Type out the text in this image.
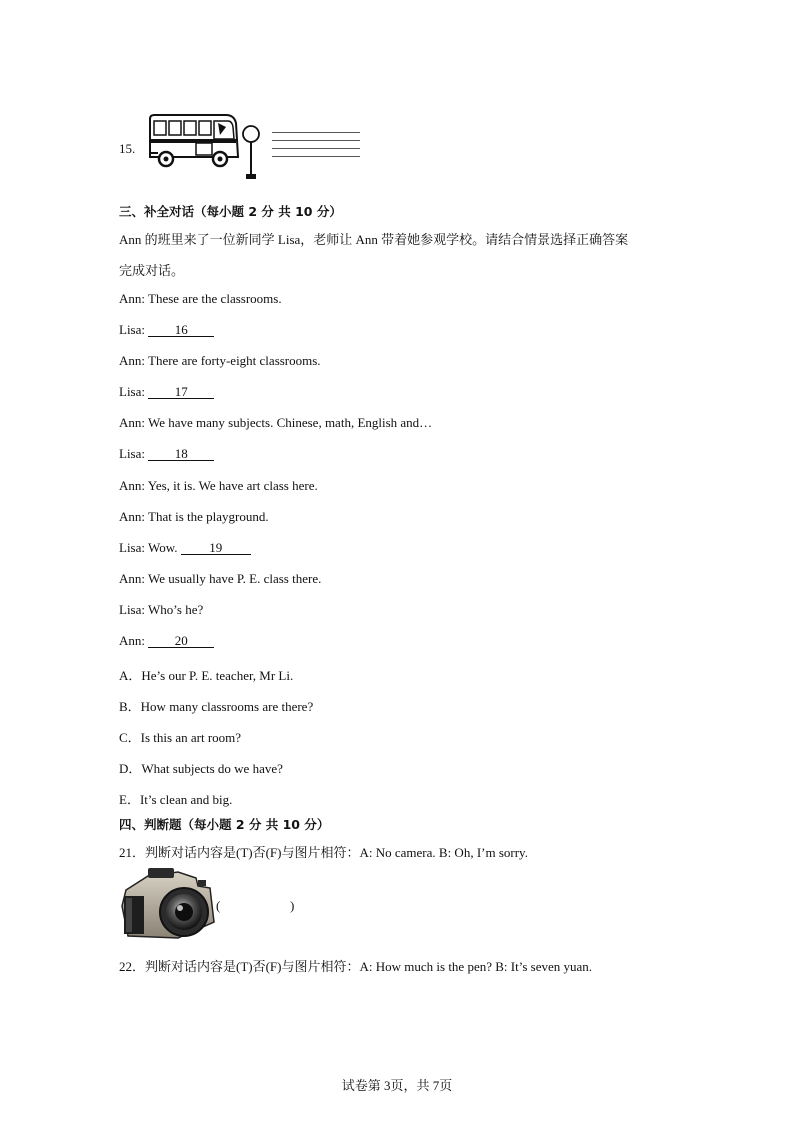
15.
三、补全对话（每小题 2 分 共 10 分）
Ann 的班里来了一位新同学 Lisa，老师让 Ann 带着她参观学校。请结合情景选择正确答案
完成对话。
Ann: These are the classrooms.
Lisa: 16
Ann: There are forty-eight classrooms.
Lisa: 17
Ann: We have many subjects. Chinese, math, English and…
Lisa: 18
Ann: Yes, it is. We have art class here.
Ann: That is the playground.
Lisa: Wow. 19
Ann: We usually have P. E. class there.
Lisa: Who’s he?
Ann: 20
A．He’s our P. E. teacher, Mr Li.
B．How many classrooms are there?
C．Is this an art room?
D．What subjects do we have?
E．It’s clean and big.
四、判断题（每小题 2 分 共 10 分）
21．判断对话内容是(T)否(F)与图片相符：A: No camera. B: Oh, I’m sorry.
(	)
22．判断对话内容是(T)否(F)与图片相符：A: How much is the pen? B: It’s seven yuan.
试卷第 3页，共 7页
